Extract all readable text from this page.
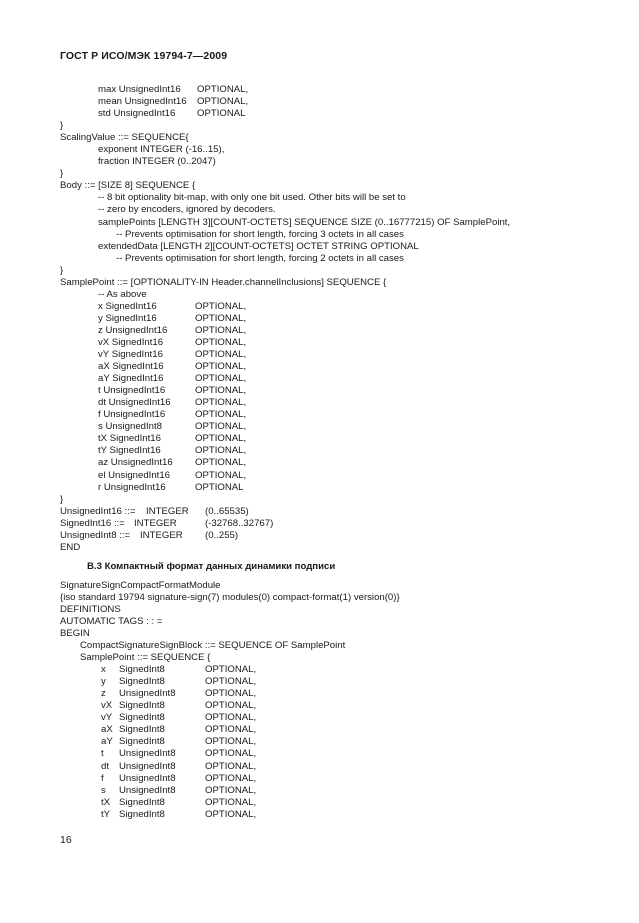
ГОСТ Р ИСО/МЭК 19794-7—2009
max UnsignedInt16 OPTIONAL,
mean UnsignedInt16 OPTIONAL,
std UnsignedInt16 OPTIONAL
}
ScalingValue ::= SEQUENCE{
exponent INTEGER (-16..15),
fraction INTEGER (0..2047)
}
Body ::= [SIZE 8] SEQUENCE {
-- 8 bit optionality bit-map, with only one bit used. Other bits will be set to
-- zero by encoders, ignored by decoders.
samplePoints [LENGTH 3][COUNT-OCTETS] SEQUENCE SIZE (0..16777215) OF SamplePoint,
-- Prevents optimisation for short length, forcing 3 octets in all cases
extendedData [LENGTH 2][COUNT-OCTETS] OCTET STRING OPTIONAL
-- Prevents optimisation for short length, forcing 2 octets in all cases
}
SamplePoint ::= [OPTIONALITY-IN Header.channelInclusions] SEQUENCE {
-- As above
x SignedInt16	OPTIONAL,
y SignedInt16	OPTIONAL,
z UnsignedInt16	OPTIONAL,
vX SignedInt16	OPTIONAL,
vY SignedInt16	OPTIONAL,
aX SignedInt16	OPTIONAL,
aY SignedInt16	OPTIONAL,
t UnsignedInt16	OPTIONAL,
dt UnsignedInt16	OPTIONAL,
f UnsignedInt16	OPTIONAL,
s UnsignedInt8	OPTIONAL,
tX SignedInt16	OPTIONAL,
tY SignedInt16	OPTIONAL,
az UnsignedInt16 OPTIONAL,
el UnsignedInt16	OPTIONAL,
r UnsignedInt16	OPTIONAL
}
UnsignedInt16 ::= INTEGER (0..65535)
SignedInt16 ::= INTEGER	(-32768..32767)
UnsignedInt8 ::= INTEGER (0..255)
END
B.3 Компактный формат данных динамики подписи
SignatureSignCompactFormatModule
{iso standard 19794 signature-sign(7) modules(0) compact-format(1) version(0)}
DEFINITIONS
AUTOMATIC TAGS : : =
BEGIN
CompactSignatureSignBlock ::= SEQUENCE OF SamplePoint
SamplePoint ::= SEQUENCE {
x SignedInt8	OPTIONAL,
y SignedInt8	OPTIONAL,
z UnsignedInt8	OPTIONAL,
vX SignedInt8	OPTIONAL,
vY SignedInt8	OPTIONAL,
aX SignedInt8	OPTIONAL,
aY SignedInt8	OPTIONAL,
t UnsignedInt8	OPTIONAL,
dt UnsignedInt8	OPTIONAL,
f UnsignedInt8	OPTIONAL,
s UnsignedInt8	OPTIONAL,
tX SignedInt8	OPTIONAL,
tY SignedInt8	OPTIONAL,
16
